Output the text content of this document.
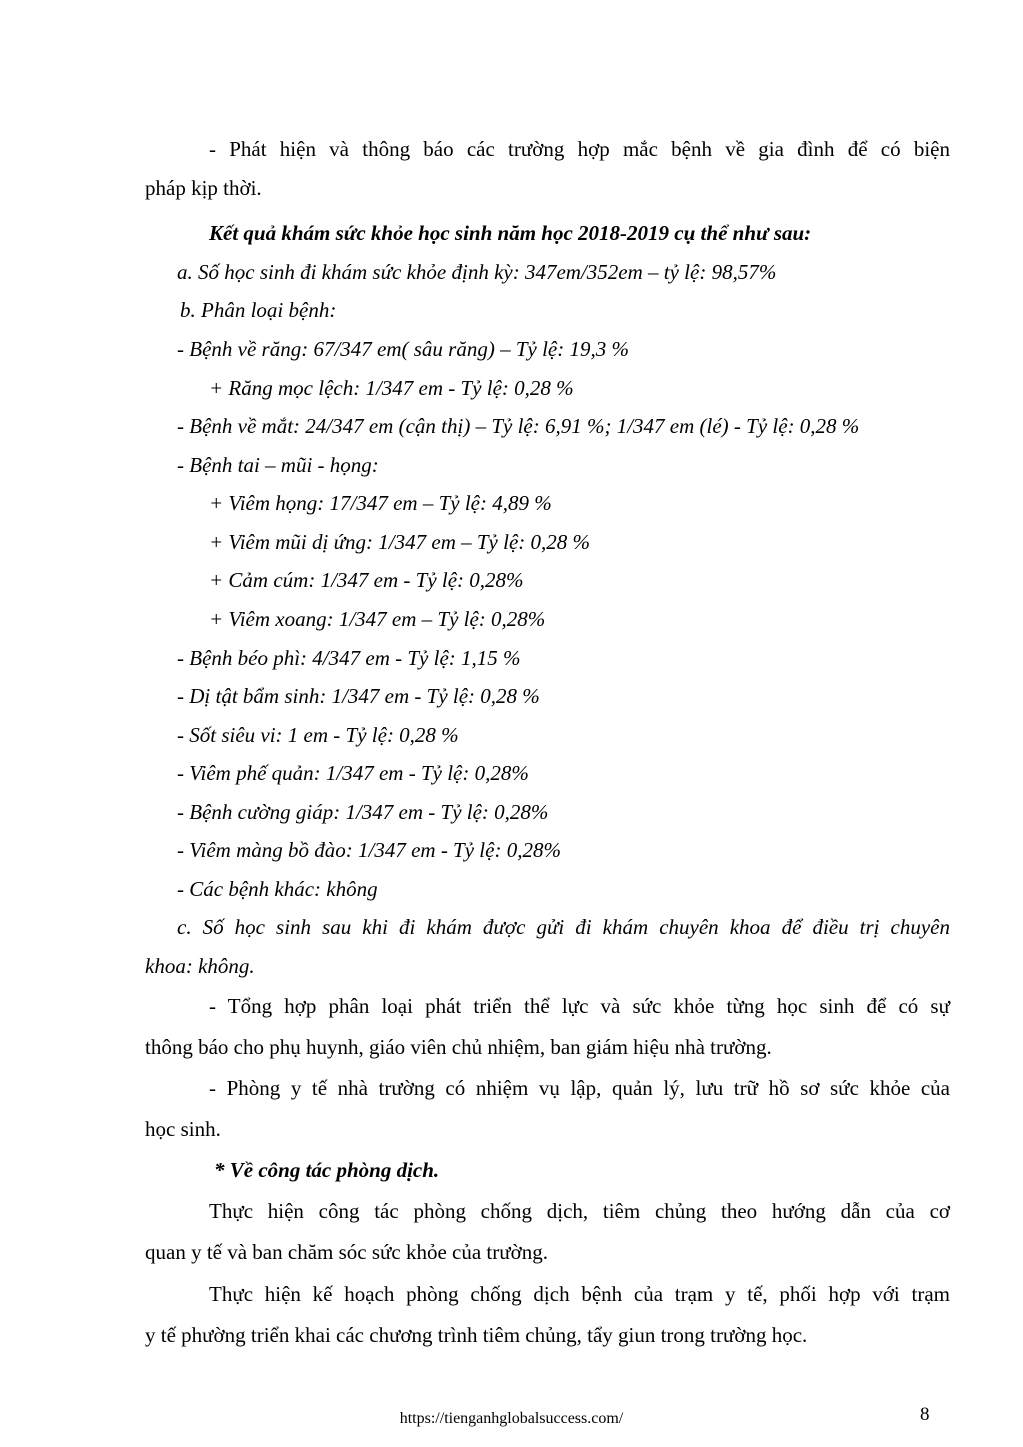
- Phát hiện và thông báo các trường hợp mắc bệnh về gia đình để có biện

pháp kịp thời.

Kết quả khám sức khỏe học sinh năm học 2018-2019 cụ thể như sau:

a. Số học sinh đi khám sức khỏe định kỳ: 347em/352em – tỷ lệ: 98,57%

b. Phân loại bệnh:

- Bệnh về răng: 67/347 em( sâu răng) – Tỷ lệ: 19,3 %

+ Răng mọc lệch: 1/347 em - Tỷ lệ: 0,28 %

- Bệnh về mắt: 24/347 em (cận thị) – Tỷ lệ: 6,91 %; 1/347 em (lé) - Tỷ lệ: 0,28 %

- Bệnh tai – mũi - họng:

+ Viêm họng: 17/347 em – Tỷ lệ: 4,89 %

+ Viêm mũi dị ứng: 1/347 em – Tỷ lệ: 0,28 %

+ Cảm cúm: 1/347 em - Tỷ lệ: 0,28%

+ Viêm xoang: 1/347 em – Tỷ lệ: 0,28%

- Bệnh béo phì: 4/347 em - Tỷ lệ: 1,15 %

- Dị tật bẩm sinh: 1/347 em - Tỷ lệ: 0,28 %

- Sốt siêu vi: 1 em - Tỷ lệ: 0,28 %

- Viêm phế quản: 1/347 em - Tỷ lệ: 0,28%

- Bệnh cường giáp: 1/347 em - Tỷ lệ: 0,28%

- Viêm màng bồ đào: 1/347 em - Tỷ lệ: 0,28%

- Các bệnh khác: không

c. Số học sinh sau khi đi khám được gửi đi khám chuyên khoa để điều trị chuyên

khoa: không.

- Tổng hợp phân loại phát triển thể lực và sức khỏe từng học sinh để có sự

thông báo cho phụ huynh, giáo viên chủ nhiệm, ban giám hiệu nhà trường.

- Phòng y tế nhà trường có nhiệm vụ lập, quản lý, lưu trữ hồ sơ sức khỏe của

học sinh.

* Về công tác phòng dịch.

Thực hiện công tác phòng chống dịch, tiêm chủng theo hướng dẫn của cơ

quan y tế và ban chăm sóc sức khỏe của trường.

Thực hiện kế hoạch phòng chống dịch bệnh của trạm y tế, phối hợp với trạm

y tế phường triển khai các chương trình tiêm chủng, tẩy giun trong trường học.

https://tienganhglobalsuccess.com/	8
